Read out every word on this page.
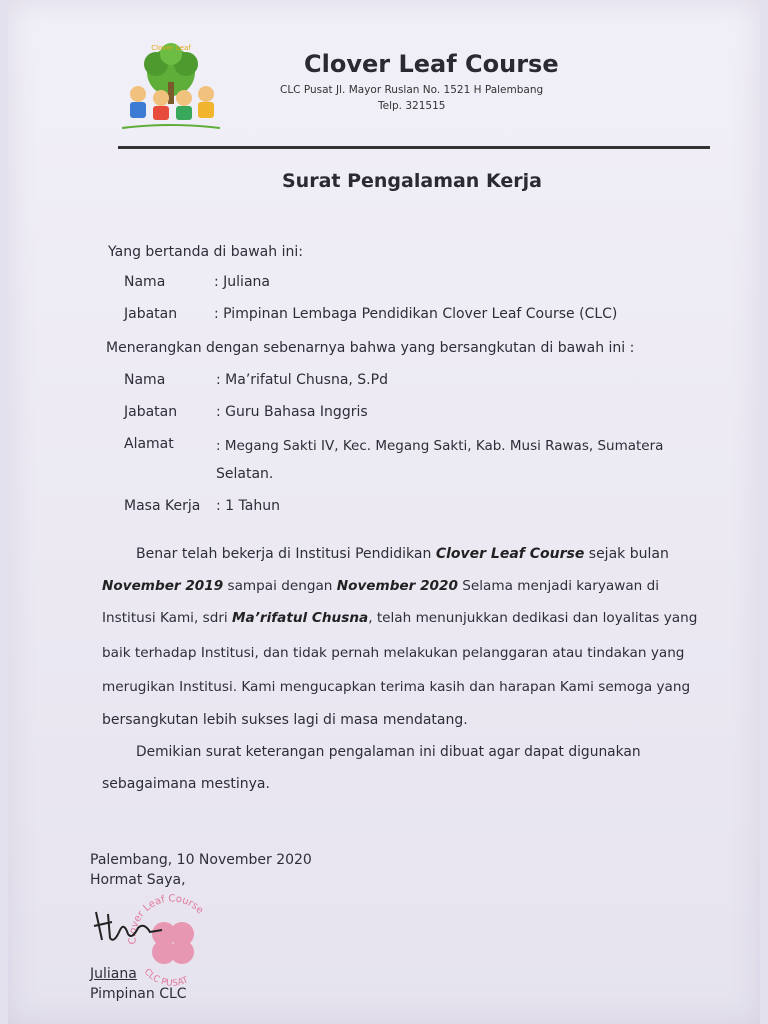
Clover Leaf
Clover Leaf Course
CLC Pusat Jl. Mayor Ruslan No. 1521 H Palembang
Telp. 321515
Surat Pengalaman Kerja
Yang bertanda di bawah ini:
Nama	: Juliana
Jabatan	: Pimpinan Lembaga Pendidikan Clover Leaf Course (CLC)
Menerangkan dengan sebenarnya bahwa yang bersangkutan di bawah ini :
Nama	: Ma’rifatul Chusna, S.Pd
Jabatan	: Guru Bahasa Inggris
Alamat	: Megang Sakti IV, Kec. Megang Sakti, Kab. Musi Rawas, Sumatera
Selatan.
Masa Kerja : 1 Tahun
Benar telah bekerja di Institusi Pendidikan Clover Leaf Course sejak bulan
November 2019 sampai dengan November 2020 Selama menjadi karyawan di
Institusi Kami, sdri Ma’rifatul Chusna, telah menunjukkan dedikasi dan loyalitas yang
baik terhadap Institusi, dan tidak pernah melakukan pelanggaran atau tindakan yang
merugikan Institusi. Kami mengucapkan terima kasih dan harapan Kami semoga yang
bersangkutan lebih sukses lagi di masa mendatang.
Demikian surat keterangan pengalaman ini dibuat agar dapat digunakan
sebagaimana mestinya.
Palembang, 10 November 2020
Hormat Saya,
Clover Leaf Course
CLC PUSAT
Juliana
Pimpinan CLC
